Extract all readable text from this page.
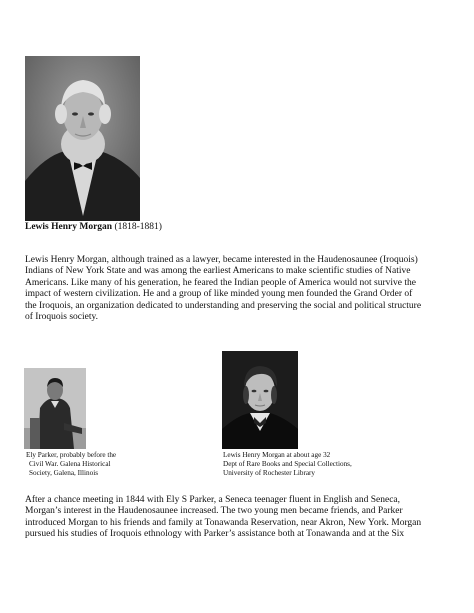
Lewis Henry Morgan (1818-1881)
Lewis Henry Morgan, although trained as a lawyer, became interested in the Haudenosaunee (Iroquois)
Indians of New York State and was among the earliest Americans to make scientific studies of Native
Americans. Like many of his generation, he feared the Indian people of America would not survive the
impact of western civilization. He and a group of like minded young men founded the Grand Order of
the Iroquois, an organization dedicated to understanding and preserving the social and political structure
of Iroquois society.
Ely Parker, probably before the
Civil War. Galena Historical
Society, Galena, Illinois
Lewis Henry Morgan at about age 32
Dept of Rare Books and Special Collections,
University of Rochester Library
After a chance meeting in 1844 with Ely S Parker, a Seneca teenager fluent in English and Seneca,
Morgan’s interest in the Haudenosaunee increased. The two young men became friends, and Parker
introduced Morgan to his friends and family at Tonawanda Reservation, near Akron, New York. Morgan
pursued his studies of Iroquois ethnology with Parker’s assistance both at Tonawanda and at the Six
